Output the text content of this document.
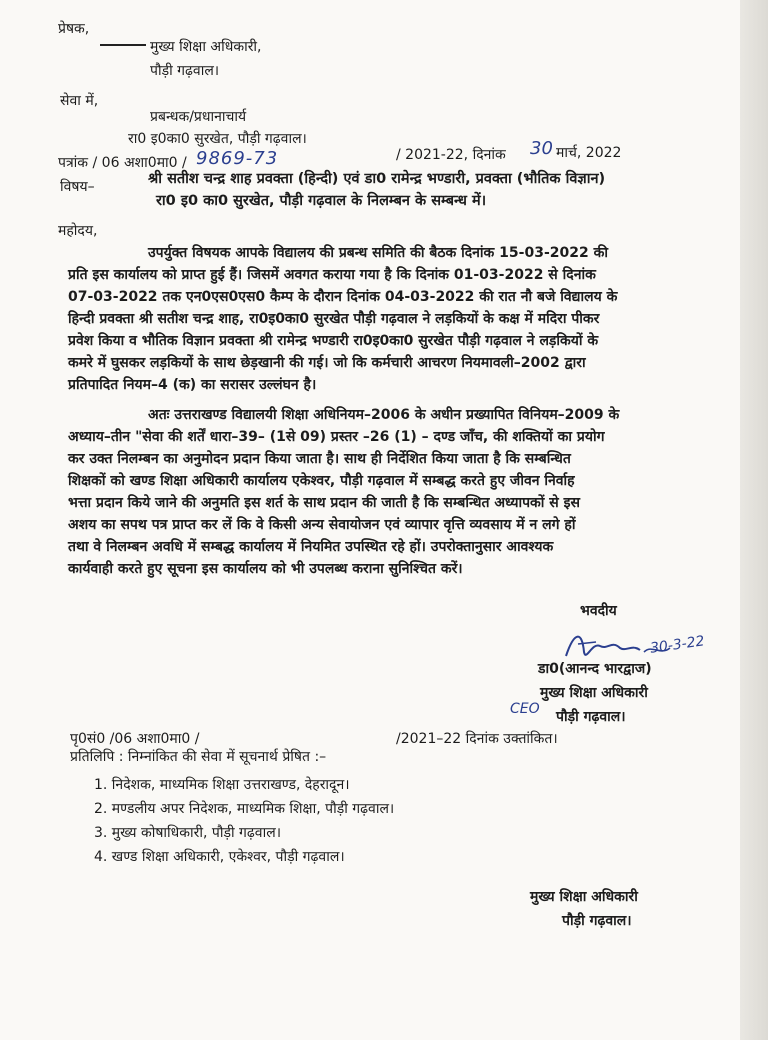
प्रेषक,
मुख्य शिक्षा अधिकारी,
पौड़ी गढ़वाल।
सेवा में,
प्रबन्धक/प्रधानाचार्य
रा0 इ0का0 सुरखेत, पौड़ी गढ़वाल।
पत्रांक / 06 अशा0मा0 / 9869-73	/ 2021-22, दिनांक 30 मार्च, 2022
विषय–	श्री सतीश चन्द्र शाह प्रवक्ता (हिन्दी) एवं डा0 रामेन्द्र भण्डारी, प्रवक्ता (भौतिक विज्ञान)
रा0 इ0 का0 सुरखेत, पौड़ी गढ़वाल के निलम्बन के सम्बन्ध में।
महोदय,
उपर्युक्त विषयक आपके विद्यालय की प्रबन्ध समिति की बैठक दिनांक 15-03-2022 की
प्रति इस कार्यालय को प्राप्त हुई हैं। जिसमें अवगत कराया गया है कि दिनांक 01-03-2022 से दिनांक
07-03-2022 तक एन0एस0एस0 कैम्प के दौरान दिनांक 04-03-2022 की रात नौ बजे विद्यालय के
हिन्दी प्रवक्ता श्री सतीश चन्द्र शाह, रा0इ0का0 सुरखेत पौड़ी गढ़वाल ने लड़कियों के कक्ष में मदिरा पीकर
प्रवेश किया व भौतिक विज्ञान प्रवक्ता श्री रामेन्द्र भण्डारी रा0इ0का0 सुरखेत पौड़ी गढ़वाल ने लड़कियों के
कमरे में घुसकर लड़कियों के साथ छेड़खानी की गई। जो कि कर्मचारी आचरण नियमावली–2002 द्वारा
प्रतिपादित नियम–4 (क) का सरासर उल्लंघन है।
अतः उत्तराखण्ड विद्यालयी शिक्षा अधिनियम–2006 के अधीन प्रख्यापित विनियम–2009 के
अध्याय–तीन "सेवा की शर्तें धारा–39– (1से 09) प्रस्तर –26 (1) – दण्ड जाँच, की शक्तियों का प्रयोग
कर उक्त निलम्बन का अनुमोदन प्रदान किया जाता है। साथ ही निर्देशित किया जाता है कि सम्बन्धित
शिक्षकों को खण्ड शिक्षा अधिकारी कार्यालय एकेश्वर, पौड़ी गढ़वाल में सम्बद्ध करते हुए जीवन निर्वाह
भत्ता प्रदान किये जाने की अनुमति इस शर्त के साथ प्रदान की जाती है कि सम्बन्धित अध्यापकों से इस
अशय का सपथ पत्र प्राप्त कर लें कि वे किसी अन्य सेवायोजन एवं व्यापार वृत्ति व्यवसाय में न लगे हों
तथा वे निलम्बन अवधि में सम्बद्ध कार्यालय में नियमित उपस्थित रहे हों। उपरोक्तानुसार आवश्यक
कार्यवाही करते हुए सूचना इस कार्यालय को भी उपलब्ध कराना सुनिश्चित करें।
भवदीय
30-3-22
डा0(आनन्द भारद्वाज)
मुख्य शिक्षा अधिकारी
CEO पौड़ी गढ़वाल।
पृ0सं0 /06 अशा0मा0 /	/2021–22 दिनांक उक्तांकित।
प्रतिलिपि : निम्नांकित की सेवा में सूचनार्थ प्रेषित :–
1. निदेशक, माध्यमिक शिक्षा उत्तराखण्ड, देहरादून।
2. मण्डलीय अपर निदेशक, माध्यमिक शिक्षा, पौड़ी गढ़वाल।
3. मुख्य कोषाधिकारी, पौड़ी गढ़वाल।
4. खण्ड शिक्षा अधिकारी, एकेश्वर, पौड़ी गढ़वाल।
मुख्य शिक्षा अधिकारी
पौड़ी गढ़वाल।
